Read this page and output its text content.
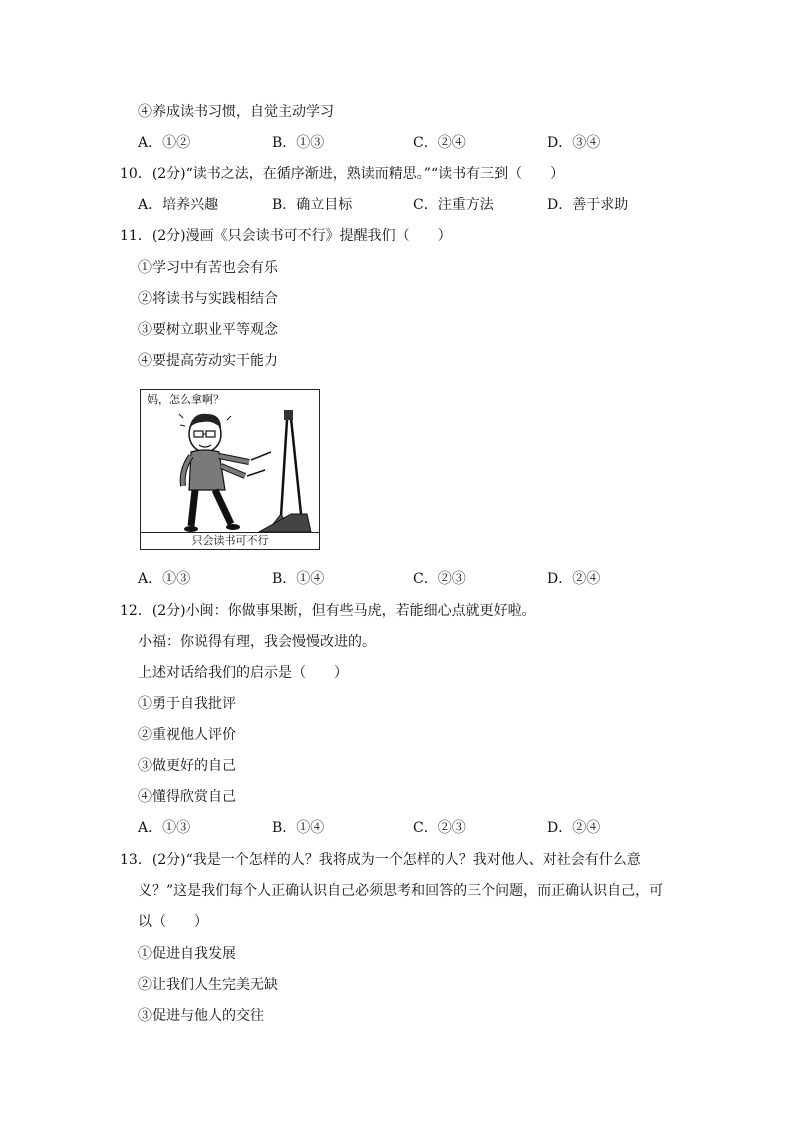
④养成读书习惯，自觉主动学习
A．①②	B．①③	C．②④	D．③④
10．(2分)“读书之法，在循序渐进，熟读而精思。”“读书有三到（　　）
A．培养兴趣	B．确立目标	C．注重方法	D．善于求助
11．(2分)漫画《只会读书可不行》提醒我们（　　）
①学习中有苦也会有乐
②将读书与实践相结合
③要树立职业平等观念
④要提高劳动实干能力
妈，怎么拿啊？
只会读书可不行
A．①③	B．①④	C．②③	D．②④
12．(2分)小闽：你做事果断，但有些马虎，若能细心点就更好啦。
小福：你说得有理，我会慢慢改进的。
上述对话给我们的启示是（　　）
①勇于自我批评
②重视他人评价
③做更好的自己
④懂得欣赏自己
A．①③	B．①④	C．②③	D．②④
13．(2分)“我是一个怎样的人？我将成为一个怎样的人？我对他人、对社会有什么意
义？”这是我们每个人正确认识自己必须思考和回答的三个问题，而正确认识自己，可
以（　　）
①促进自我发展
②让我们人生完美无缺
③促进与他人的交往
